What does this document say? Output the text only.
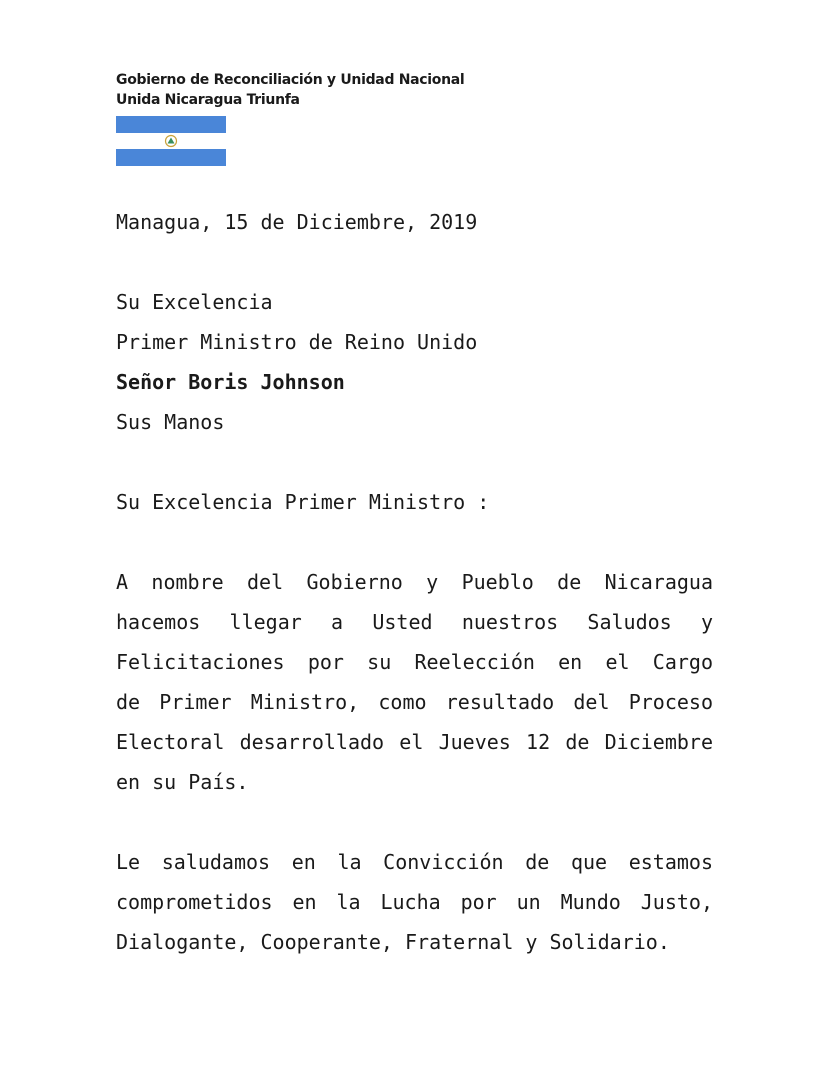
Gobierno de Reconciliación y Unidad Nacional
Unida Nicaragua Triunfa

Managua, 15 de Diciembre, 2019

Su Excelencia

Primer Ministro de Reino Unido

Señor Boris Johnson

Sus Manos

Su Excelencia Primer Ministro :

A nombre del Gobierno y Pueblo de Nicaragua
hacemos llegar a Usted nuestros Saludos y
Felicitaciones por su Reelección en el Cargo
de Primer Ministro, como resultado del Proceso
Electoral desarrollado el Jueves 12 de Diciembre
en su País.
Le saludamos en la Convicción de que estamos
comprometidos en la Lucha por un Mundo Justo,
Dialogante, Cooperante, Fraternal y Solidario.
